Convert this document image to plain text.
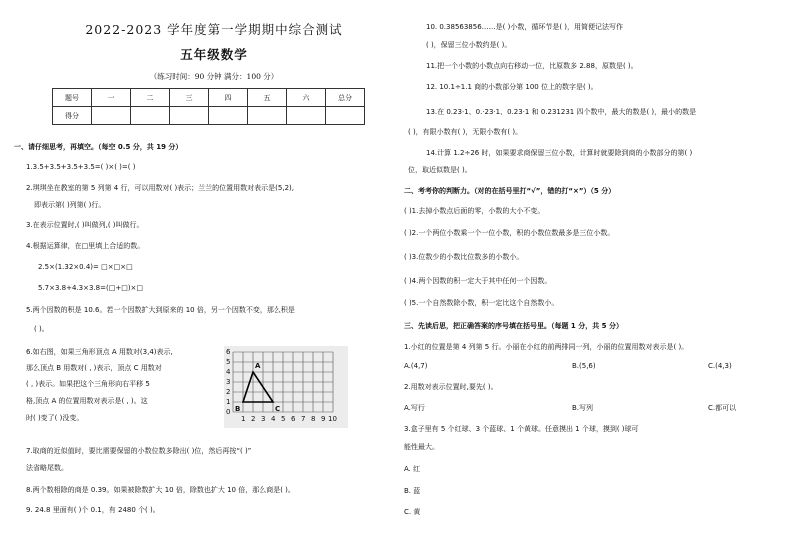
2022-2023 学年度第一学期期中综合测试
五年级数学
（练习时间：90 分钟 满分：100 分）
题号	一	二	三	四	五	六	总分
得分							
一、请仔细思考，再填空。（每空 0.5 分，共 19 分）
1.3.5+3.5+3.5+3.5=( )×( )=( )
2.琪琪坐在教室的第 5 列第 4 行，可以用数对( )表示；兰兰的位置用数对表示是(5,2),
即表示第( )列第( )行。
3.在表示位置时,( )叫做列,( )叫做行。
4.根据运算律，在□里填上合适的数。
2.5×(1.32×0.4)= □×□×□
5.7×3.8+4.3×3.8=(□+□)×□
5.两个因数的积是 10.6。若一个因数扩大到原来的 10 倍，另一个因数不变，那么积是
( )。
6.如右图，如果三角形顶点 A 用数对(3,4)表示,
那么顶点 B 用数对( , )表示，顶点 C 用数对
( , )表示。如果把这个三角形向右平移 5
格,顶点 A 的位置用数对表示是( , )。这
时( )变了( )没变。
0
1
2
3
4
5
6
1 2 3 4 5 6 7 8 9 10
A
B	C
7.取商的近似值时，要比需要保留的小数位数多除出( )位，然后再按“( )”
法省略尾数。
8.两个数相除的商是 0.39。如果被除数扩大 10 倍，除数也扩大 10 倍，那么商是( )。
9. 24.8 里面有( )个 0.1，有 2480 个( )。
10. 0.38563856……是( )小数，循环节是( )，用简便记法写作
( )，保留三位小数约是( )。
11.把一个小数的小数点向右移动一位，比原数多 2.88，原数是( )。
12. 10.1÷1.1 商的小数部分第 100 位上的数字是( )。
13.在 0.23·1、0.·23·1、0.23·1 和 0.231231 四个数中，最大的数是( )，最小的数是
( )，有限小数有( )，无限小数有( )。
14.计算 1.2÷26 时，如果要求商保留三位小数，计算时就要除到商的小数部分的第( )
位，取近似数是( )。
二、考考你的判断力。（对的在括号里打“√”，错的打“×”）（5 分）
( )1.去掉小数点后面的零，小数的大小不变。
( )2.一个两位小数乘一个一位小数，积的小数位数最多是三位小数。
( )3.位数少的小数比位数多的小数小。
( )4.两个因数的积一定大于其中任何一个因数。
( )5.一个自然数除小数，积一定比这个自然数小。
三、先读后思，把正确答案的序号填在括号里。（每题 1 分，共 5 分）
1.小红的位置是第 4 列第 5 行。小丽在小红的前两排同一列，小丽的位置用数对表示是( )。
A.(4,7)	B.(5,6)	C.(4,3)
2.用数对表示位置时,要先( )。
A.写行	B.写列	C.都可以
3.盒子里有 5 个红球、3 个蓝球、1 个黄球。任意摸出 1 个球，摸到( )球可
能性最大。
A. 红
B. 蓝
C. 黄
